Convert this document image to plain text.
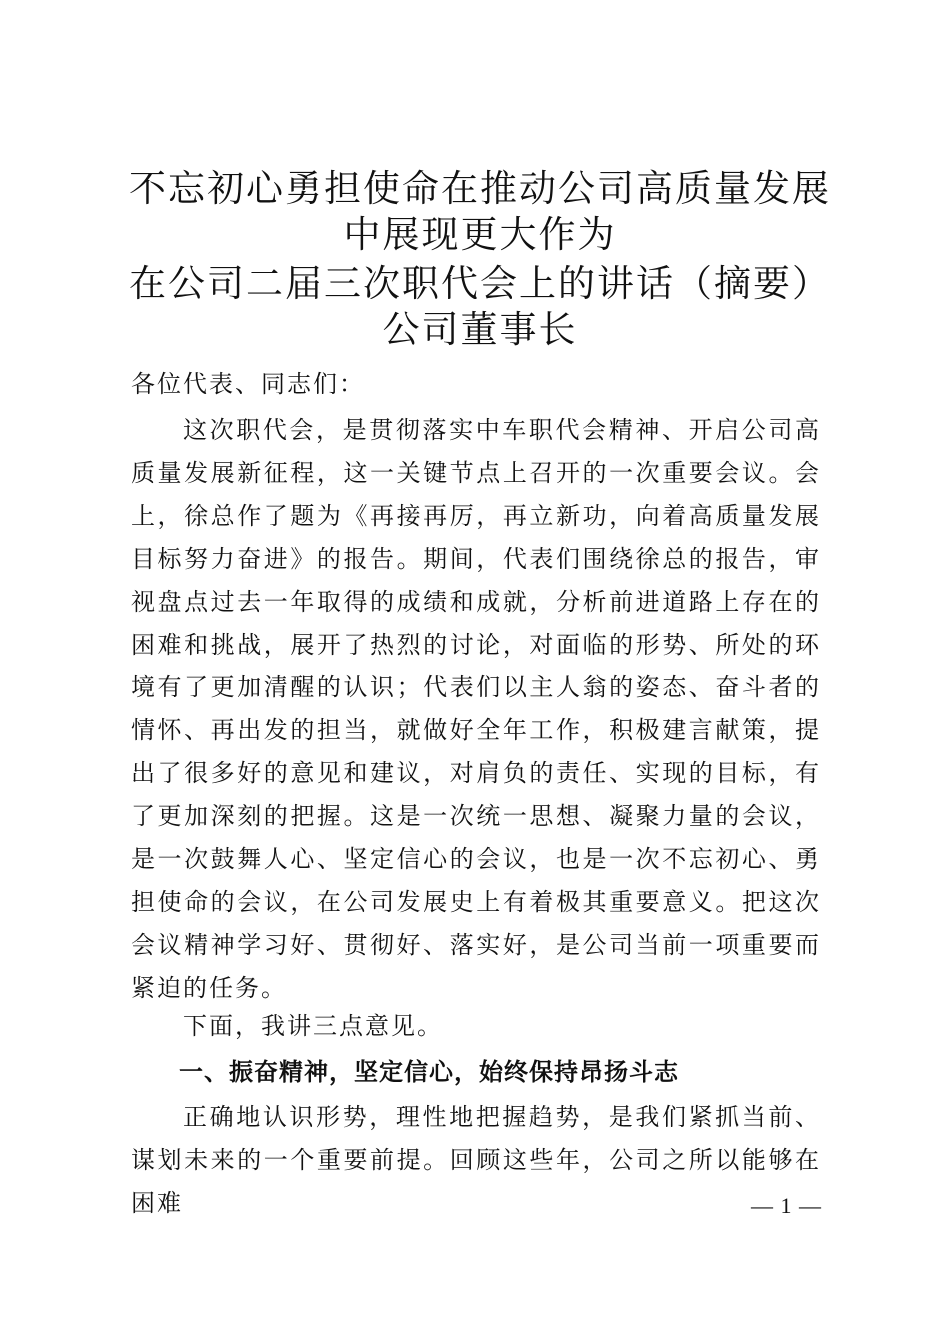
不忘初心勇担使命在推动公司高质量发展中展现更大作为
在公司二届三次职代会上的讲话（摘要）公司董事长

各位代表、同志们：

这次职代会，是贯彻落实中车职代会精神、开启公司高质量发展新征程，这一关键节点上召开的一次重要会议。会上，徐总作了题为《再接再厉，再立新功，向着高质量发展目标努力奋进》的报告。期间，代表们围绕徐总的报告，审视盘点过去一年取得的成绩和成就，分析前进道路上存在的困难和挑战，展开了热烈的讨论，对面临的形势、所处的环境有了更加清醒的认识；代表们以主人翁的姿态、奋斗者的情怀、再出发的担当，就做好全年工作，积极建言献策，提出了很多好的意见和建议，对肩负的责任、实现的目标，有了更加深刻的把握。这是一次统一思想、凝聚力量的会议，是一次鼓舞人心、坚定信心的会议，也是一次不忘初心、勇担使命的会议，在公司发展史上有着极其重要意义。把这次会议精神学习好、贯彻好、落实好，是公司当前一项重要而紧迫的任务。

下面，我讲三点意见。

一、振奋精神，坚定信心，始终保持昂扬斗志

正确地认识形势，理性地把握趋势，是我们紧抓当前、谋划未来的一个重要前提。回顾这些年，公司之所以能够在困难	— 1 —
